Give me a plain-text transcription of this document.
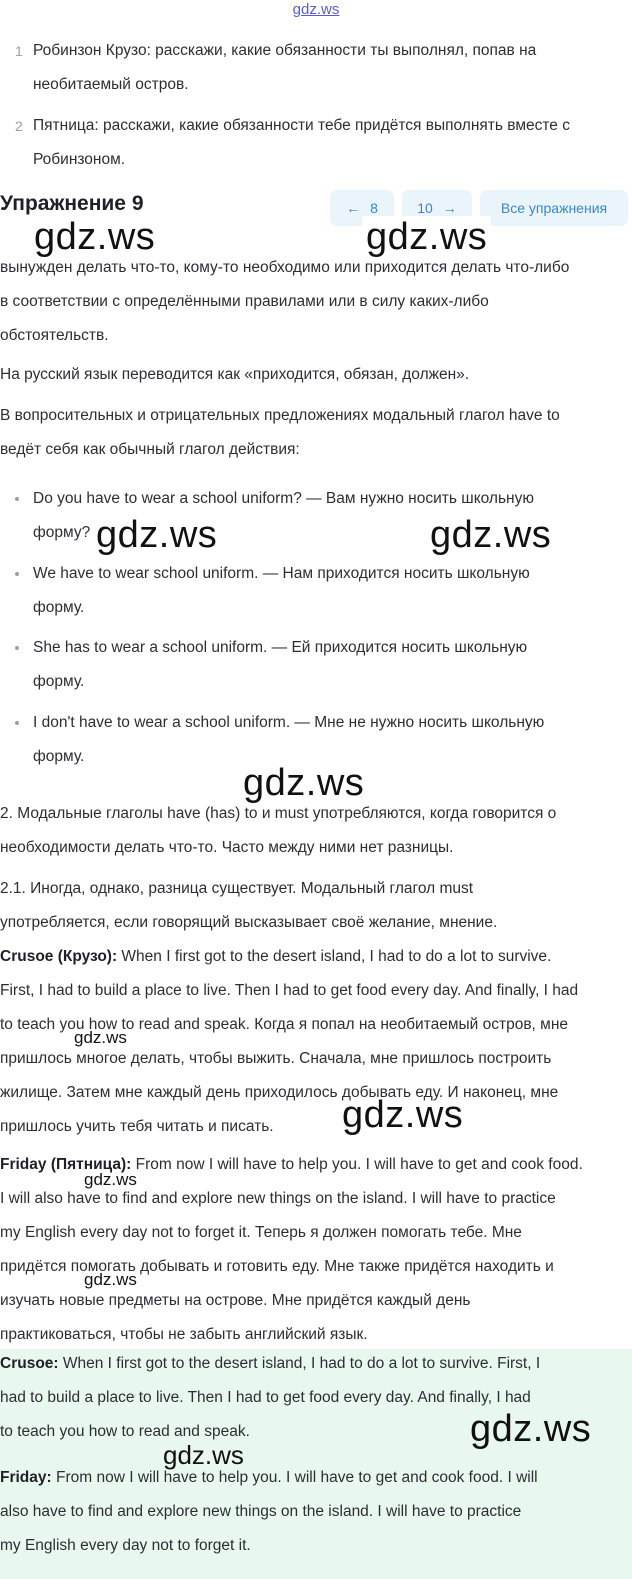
gdz.ws
1 Робинзон Крузо: расскажи, какие обязанности ты выполнял, попав на
необитаемый остров.
2 Пятница: расскажи, какие обязанности тебе придётся выполнять вместе с
Робинзоном.
Упражнение 9	← 8	10 →	Все упражнения
вынужден делать что-то, кому-то необходимо или приходится делать что-либо
в соответствии с определёнными правилами или в силу каких-либо
обстоятельств.
На русский язык переводится как «приходится, обязан, должен».
В вопросительных и отрицательных предложениях модальный глагол have to
ведёт себя как обычный глагол действия:
Do you have to wear a school uniform? — Вам нужно носить школьную
форму?
We have to wear school uniform. — Нам приходится носить школьную
форму.
She has to wear a school uniform. — Ей приходится носить школьную
форму.
I don't have to wear a school uniform. — Мне не нужно носить школьную
форму.
2. Модальные глаголы have (has) to и must употребляются, когда говорится о
необходимости делать что-то. Часто между ними нет разницы.
2.1. Иногда, однако, разница существует. Модальный глагол must
употребляется, если говорящий высказывает своё желание, мнение.
Crusoe (Крузо): When I first got to the desert island, I had to do a lot to survive.
First, I had to build a place to live. Then I had to get food every day. And finally, I had
to teach you how to read and speak. Когда я попал на необитаемый остров, мне
пришлось многое делать, чтобы выжить. Сначала, мне пришлось построить
жилище. Затем мне каждый день приходилось добывать еду. И наконец, мне
пришлось учить тебя читать и писать.
Friday (Пятница): From now I will have to help you. I will have to get and cook food.
I will also have to find and explore new things on the island. I will have to practice
my English every day not to forget it. Теперь я должен помогать тебе. Мне
придётся помогать добывать и готовить еду. Мне также придётся находить и
изучать новые предметы на острове. Мне придётся каждый день
практиковаться, чтобы не забыть английский язык.
Crusoe: When I first got to the desert island, I had to do a lot to survive. First, I
had to build a place to live. Then I had to get food every day. And finally, I had
to teach you how to read and speak.
Friday: From now I will have to help you. I will have to get and cook food. I will
also have to find and explore new things on the island. I will have to practice
my English every day not to forget it.
gdz.ws	gdz.ws
gdz.ws	gdz.ws
gdz.ws
gdz.ws
gdz.ws
gdz.ws
gdz.ws
gdz.ws
gdz.ws
